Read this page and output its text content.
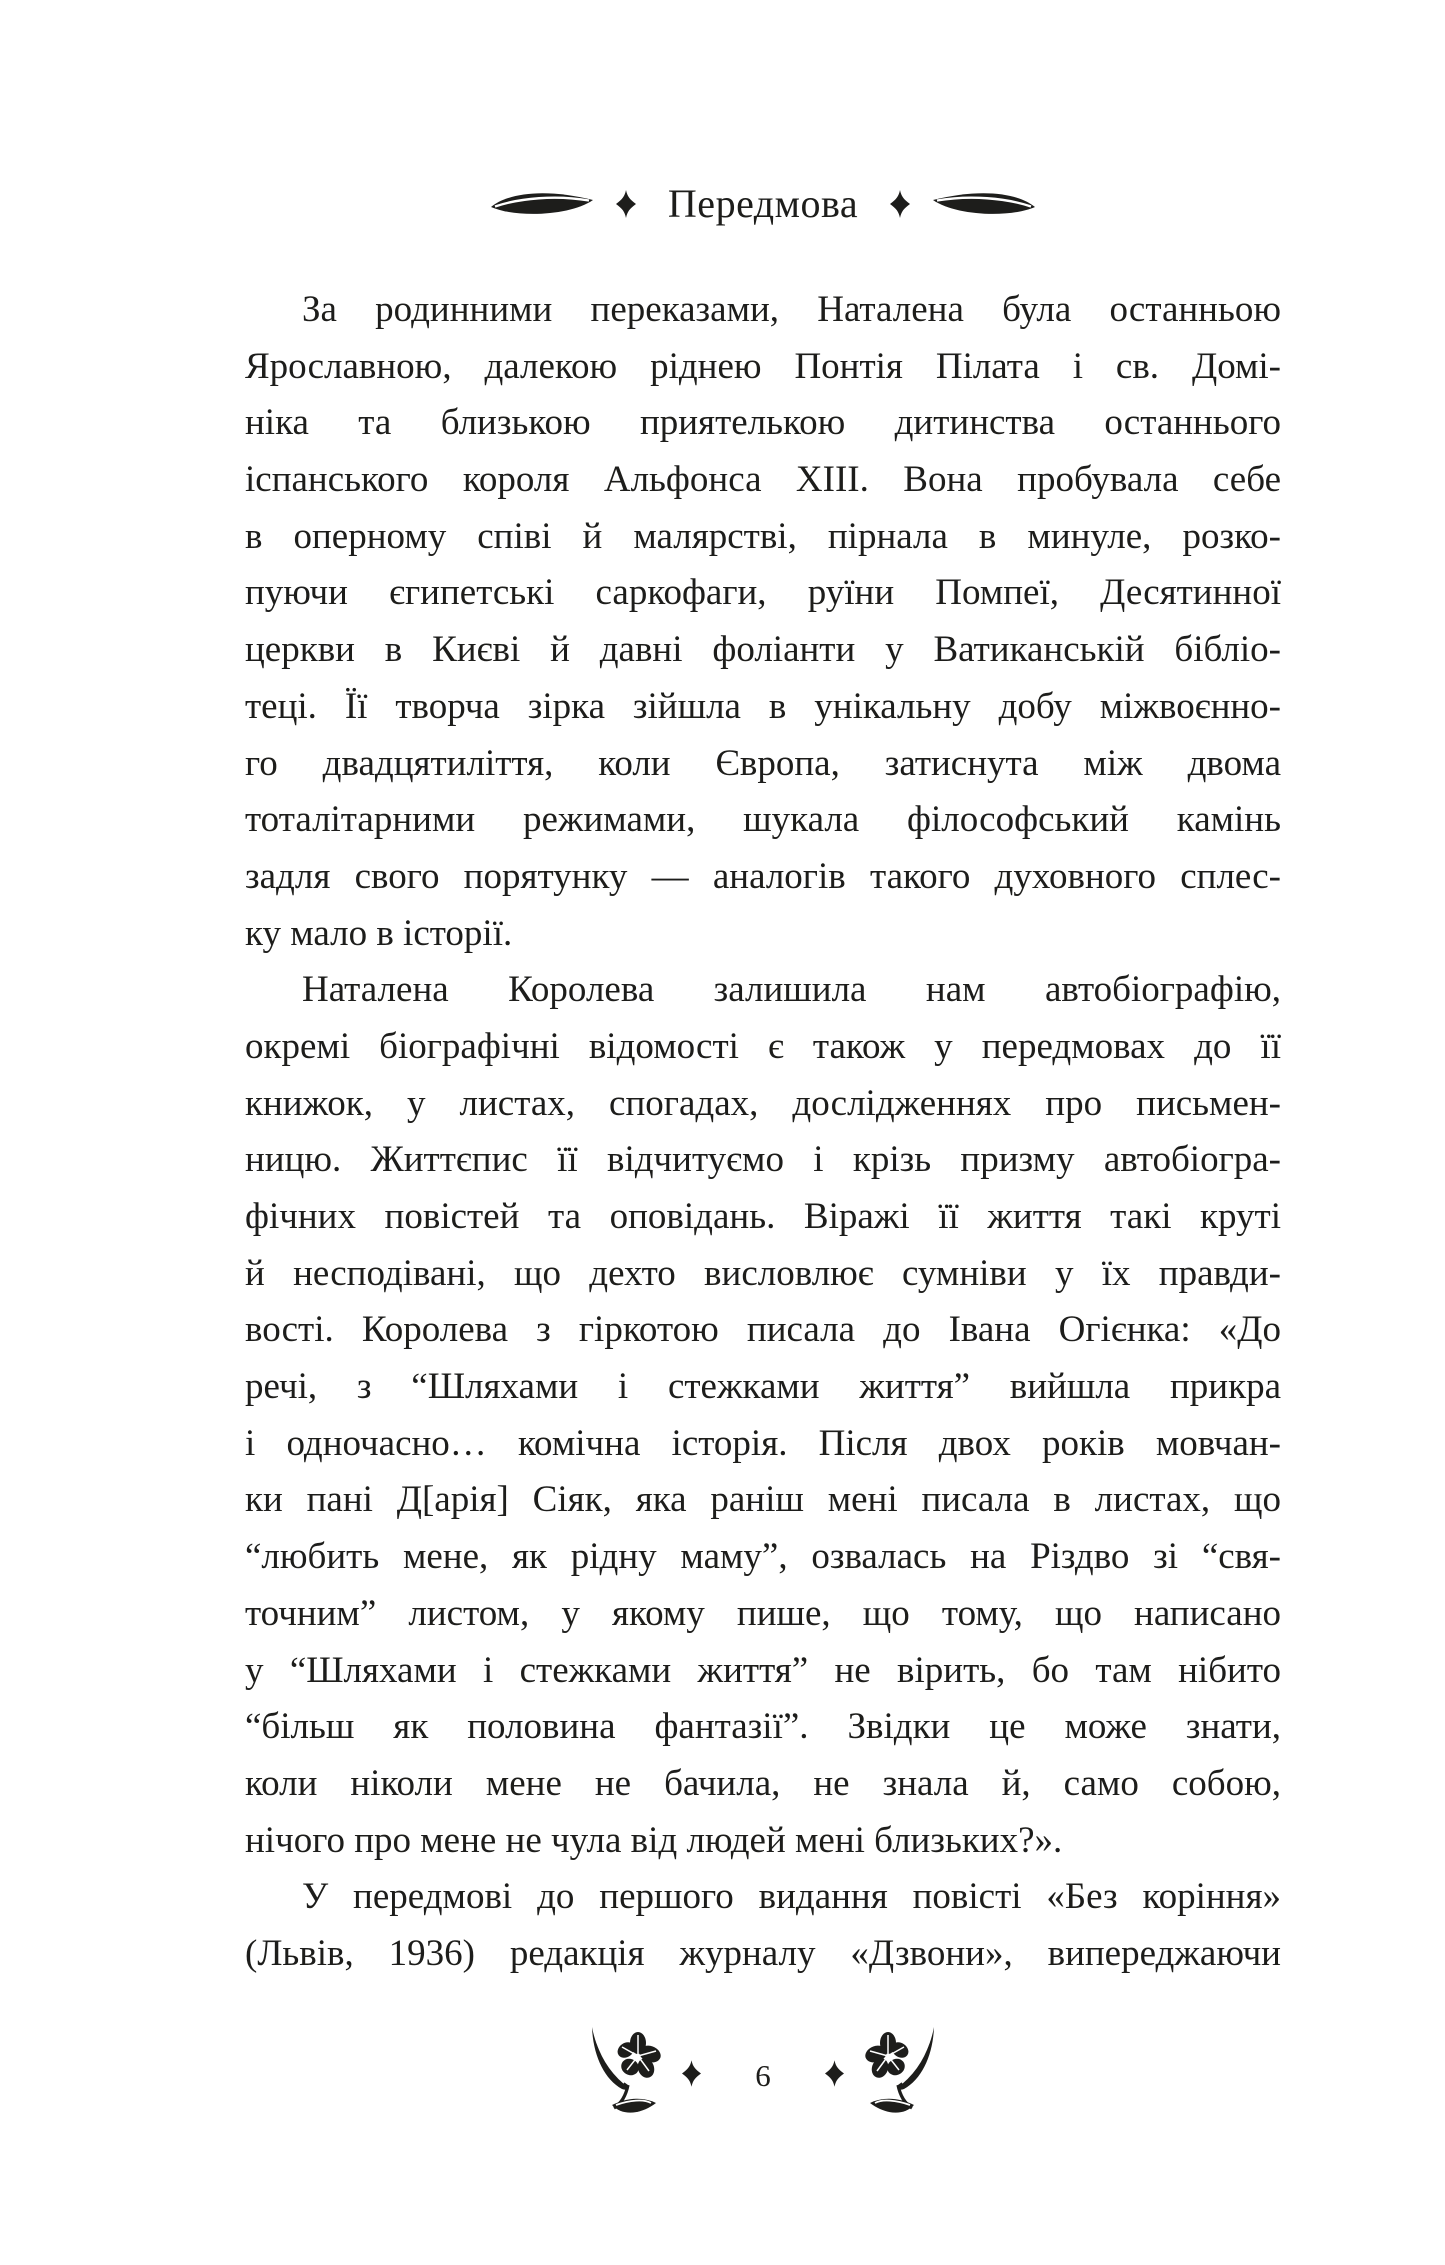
Передмова
За родинними переказами, Наталена була останньою
Ярославною, далекою ріднею Понтія Пілата і св. Домі-
ніка та близькою приятелькою дитинства останнього
іспанського короля Альфонса XIII. Вона пробувала себе
в оперному співі й малярстві, пірнала в минуле, розко-
пуючи єгипетські саркофаги, руїни Помпеї, Десятинної
церкви в Києві й давні фоліанти у Ватиканській бібліо-
теці. Її творча зірка зійшла в унікальну добу міжвоєнно-
го двадцятиліття, коли Європа, затиснута між двома
тоталітарними режимами, шукала філософський камінь
задля свого порятунку — аналогів такого духовного сплес-
ку мало в історії.
Наталена Королева залишила нам автобіографію,
окремі біографічні відомості є також у передмовах до її
книжок, у листах, спогадах, дослідженнях про письмен-
ницю. Життєпис її відчитуємо і крізь призму автобіогра-
фічних повістей та оповідань. Віражі її життя такі круті
й несподівані, що дехто висловлює сумніви у їх правди-
вості. Королева з гіркотою писала до Івана Огієнка: «До
речі, з “Шляхами і стежками життя” вийшла прикра
і одночасно… комічна історія. Після двох років мовчан-
ки пані Д[арія] Сіяк, яка раніш мені писала в листах, що
“любить мене, як рідну маму”, озвалась на Різдво зі “свя-
точним” листом, у якому пише, що тому, що написано
у “Шляхами і стежками життя” не вірить, бо там нібито
“більш як половина фантазії”. Звідки це може знати,
коли ніколи мене не бачила, не знала й, само собою,
нічого про мене не чула від людей мені близьких?».
У передмові до першого видання повісті «Без коріння»
(Львів, 1936) редакція журналу «Дзвони», випереджаючи
6
